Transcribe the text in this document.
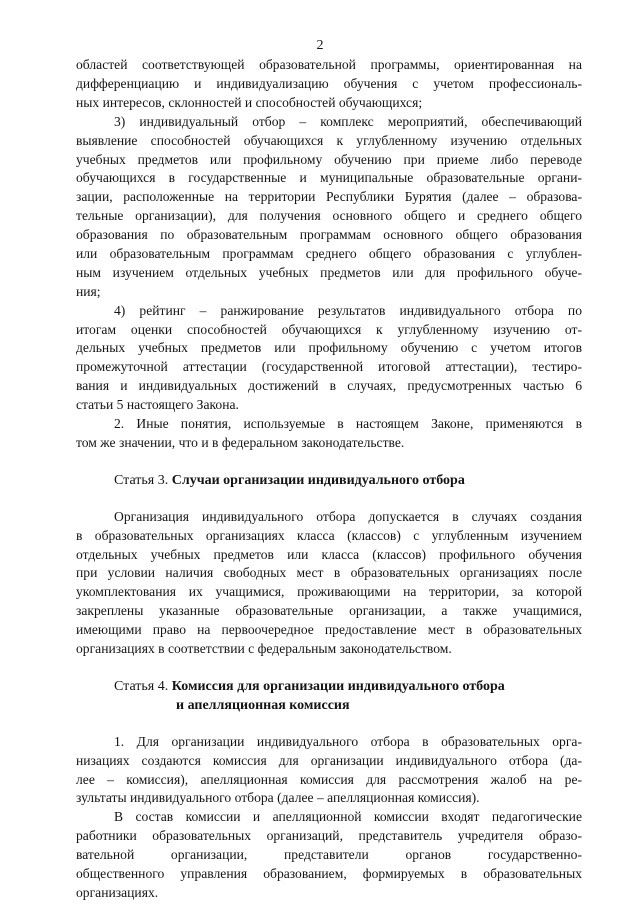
2
областей соответствующей образовательной программы, ориентированная на
дифференциацию и индивидуализацию обучения с учетом профессиональ-
ных интересов, склонностей и способностей обучающихся;
3) индивидуальный отбор – комплекс мероприятий, обеспечивающий
выявление способностей обучающихся к углубленному изучению отдельных
учебных предметов или профильному обучению при приеме либо переводе
обучающихся в государственные и муниципальные образовательные органи-
зации, расположенные на территории Республики Бурятия (далее – образова-
тельные организации), для получения основного общего и среднего общего
образования по образовательным программам основного общего образования
или образовательным программам среднего общего образования с углублен-
ным изучением отдельных учебных предметов или для профильного обуче-
ния;
4) рейтинг – ранжирование результатов индивидуального отбора по
итогам оценки способностей обучающихся к углубленному изучению от-
дельных учебных предметов или профильному обучению с учетом итогов
промежуточной аттестации (государственной итоговой аттестации), тестиро-
вания и индивидуальных достижений в случаях, предусмотренных частью 6
статьи 5 настоящего Закона.
2. Иные понятия, используемые в настоящем Законе, применяются в
том же значении, что и в федеральном законодательстве.
Статья 3. Случаи организации индивидуального отбора
Организация индивидуального отбора допускается в случаях создания
в образовательных организациях класса (классов) с углубленным изучением
отдельных учебных предметов или класса (классов) профильного обучения
при условии наличия свободных мест в образовательных организациях после
укомплектования их учащимися, проживающими на территории, за которой
закреплены указанные образовательные организации, а также учащимися,
имеющими право на первоочередное предоставление мест в образовательных
организациях в соответствии с федеральным законодательством.
Статья 4. Комиссия для организации индивидуального отбора
и апелляционная комиссия
1. Для организации индивидуального отбора в образовательных орга-
низациях создаются комиссия для организации индивидуального отбора (да-
лее – комиссия), апелляционная комиссия для рассмотрения жалоб на ре-
зультаты индивидуального отбора (далее – апелляционная комиссия).
В состав комиссии и апелляционной комиссии входят педагогические
работники образовательных организаций, представитель учредителя образо-
вательной организации, представители органов государственно-
общественного управления образованием, формируемых в образовательных
организациях.
